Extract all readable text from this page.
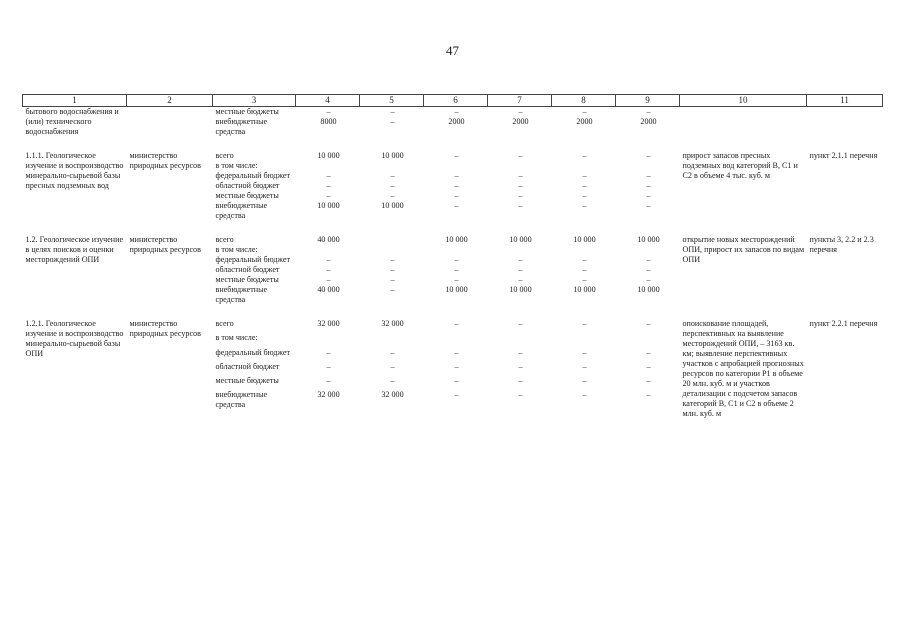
47
1	2	3	4	5	6	7	8	9	10	11
бытового водоснабжения и (или) технического водоснабжения		местные бюджеты	–	–	–	–	–	–		
		внебюджетные средства	8000	–	2000	2000	2000	2000		

1.1.1. Геологическое изучение и воспроизводство минерально-сырьевой базы пресных подземных вод	министерство природных ресурсов	всего	10 000	10 000	–	–	–	–	прирост запасов пресных подземных вод категорий B, C1 и C2 в объеме 4 тыс. куб. м	пункт 2.1.1 перечня
		в том числе:								
		федеральный бюджет	–	–	–	–	–	–		
		областной бюджет	–	–	–	–	–	–		
		местные бюджеты	–	–	–	–	–	–		
		внебюджетные средства	10 000	10 000	–	–	–	–		

1.2. Геологическое изучение в целях поисков и оценки месторождений ОПИ	министерство природных ресурсов	всего	40 000		10 000	10 000	10 000	10 000	открытие новых месторождений ОПИ, прирост их запасов по видам ОПИ	пункты 3, 2.2 и 2.3 перечня
		в том числе:								
		федеральный бюджет	–	–	–	–	–	–		
		областной бюджет	–	–	–	–	–	–		
		местные бюджеты	–	–	–	–	–	–		
		внебюджетные средства	40 000	–	10 000	10 000	10 000	10 000		

1.2.1. Геологическое изучение и воспроизводство минерально-сырьевой базы ОПИ	министерство природных ресурсов	всего	32 000	32 000	–	–	–	–	опоискование площадей, перспективных на выявление месторождений ОПИ, – 3163 кв. км; выявление перспективных участков с апробацией прогнозных ресурсов по категории Р1 в объеме 20 млн. куб. м и участков детализации с подсчетом запасов категорий B, C1 и C2 в объеме 2 млн. куб. м	пункт 2.2.1 перечня
		в том числе:								
		федеральный бюджет	–	–	–	–	–	–		
		областной бюджет	–	–	–	–	–	–		
		местные бюджеты	–	–	–	–	–	–		
		внебюджетные средства	32 000	32 000	–	–	–	–		
